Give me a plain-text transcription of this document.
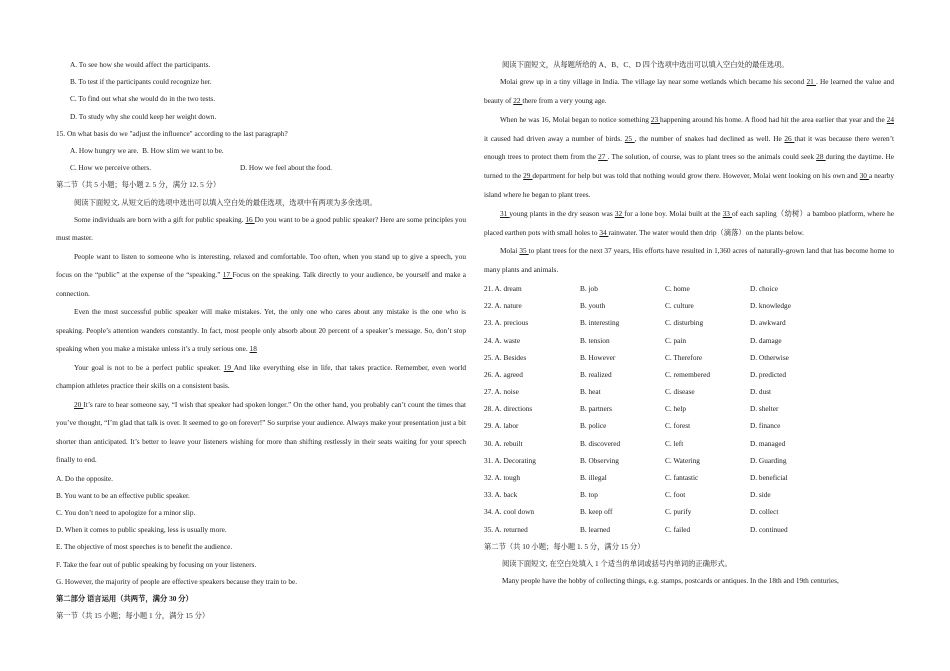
A. To see how she would affect the participants.
B. To test if the participants could recognize her.
C. To find out what she would do in the two tests.
D. To study why she could keep her weight down.
15. On what basis do we "adjust the influence" according to the last paragraph?
A. How hungry we are. B. How slim we want to be.
C. How we perceive others.	D. How we feel about the food.
第二节（共 5 小题；每小题 2. 5 分，满分 12. 5 分）
阅读下面短文, 从短文后的选项中选出可以填入空白处的最佳选项，选项中有两项为多余选项。

Some individuals are born with a gift for public speaking. 16 Do you want to be a good public speaker? Here are some principles you must master.

People want to listen to someone who is interesting, relaxed and comfortable. Too often, when you stand up to give a speech, you focus on the “public” at the expense of the “speaking.” 17 Focus on the speaking. Talk directly to your audience, be yourself and make a connection.

Even the most successful public speaker will make mistakes. Yet, the only one who cares about any mistake is the one who is speaking. People’s attention wanders constantly. In fact, most people only absorb about 20 percent of a speaker’s message. So, don’t stop speaking when you make a mistake unless it’s a truly serious one. 18

Your goal is not to be a perfect public speaker. 19 And like everything else in life, that takes practice. Remember, even world champion athletes practice their skills on a consistent basis.

20 It’s rare to hear someone say, “I wish that speaker had spoken longer.” On the other hand, you probably can’t count the times that you’ve thought, “I’m glad that talk is over. It seemed to go on forever!” So surprise your audience. Always make your presentation just a bit shorter than anticipated. It’s better to leave your listeners wishing for more than shifting restlessly in their seats waiting for your speech finally to end.

A. Do the opposite.
B. You want to be an effective public speaker.
C. You don’t need to apologize for a minor slip.
D. When it comes to public speaking, less is usually more.
E. The objective of most speeches is to benefit the audience.
F. Take the fear out of public speaking by focusing on your listeners.
G. However, the majority of people are effective speakers because they train to be.
第二部分 语言运用（共两节，满分 30 分）
第一节（共 15 小题；每小题 1 分，满分 15 分）
阅读下面短文，从每题所给的 A、B、C、D 四个选项中选出可以填入空白处的最佳选项。

Molai grew up in a tiny village in India. The village lay near some wetlands which became his second 21 . He learned the value and beauty of 22 there from a very young age.

When he was 16, Molai began to notice something 23 happening around his home. A flood had hit the area earlier that year and the 24 it caused had driven away a number of birds. 25 , the number of snakes had declined as well. He 26 that it was because there weren’t enough trees to protect them from the 27 . The solution, of course, was to plant trees so the animals could seek 28 during the daytime. He turned to the 29 department for help but was told that nothing would grow there. However, Molai went looking on his own and 30 a nearby island where he began to plant trees.

31 young plants in the dry season was 32 for a lone boy. Molai built at the 33 of each sapling（幼树）a bamboo platform, where he placed earthen pots with small holes to 34 rainwater. The water would then drip（滴落）on the plants below.

Molai 35 to plant trees for the next 37 years, His efforts have resulted in 1,360 acres of naturally-grown land that has become home to many plants and animals.

21. A. dream	B. job	C. home	D. choice
22. A. nature	B. youth	C. culture	D. knowledge
23. A. precious	B. interesting	C. disturbing	D. awkward
24. A. waste	B. tension	C. pain	D. damage
25. A. Besides	B. However	C. Therefore	D. Otherwise
26. A. agreed	B. realized	C. remembered	D. predicted
27. A. noise	B. heat	C. disease	D. dust
28. A. directions	B. partners	C. help	D. shelter
29. A. labor	B. police	C. forest	D. finance
30. A. rebuilt	B. discovered	C. left	D. managed
31. A. Decorating	B. Observing	C. Watering	D. Guarding
32. A. tough	B. illegal	C. fantastic	D. beneficial
33. A. back	B. top	C. foot	D. side
34. A. cool down	B. keep off	C. purify	D. collect
35. A. returned	B. learned	C. failed	D. continued
第二节（共 10 小题；每小题 1. 5 分，满分 15 分）
阅读下面短文, 在空白处填入 1 个适当的单词或括号内单词的正确形式。
Many people have the hobby of collecting things, e.g. stamps, postcards or antiques. In the 18th and 19th centuries,
